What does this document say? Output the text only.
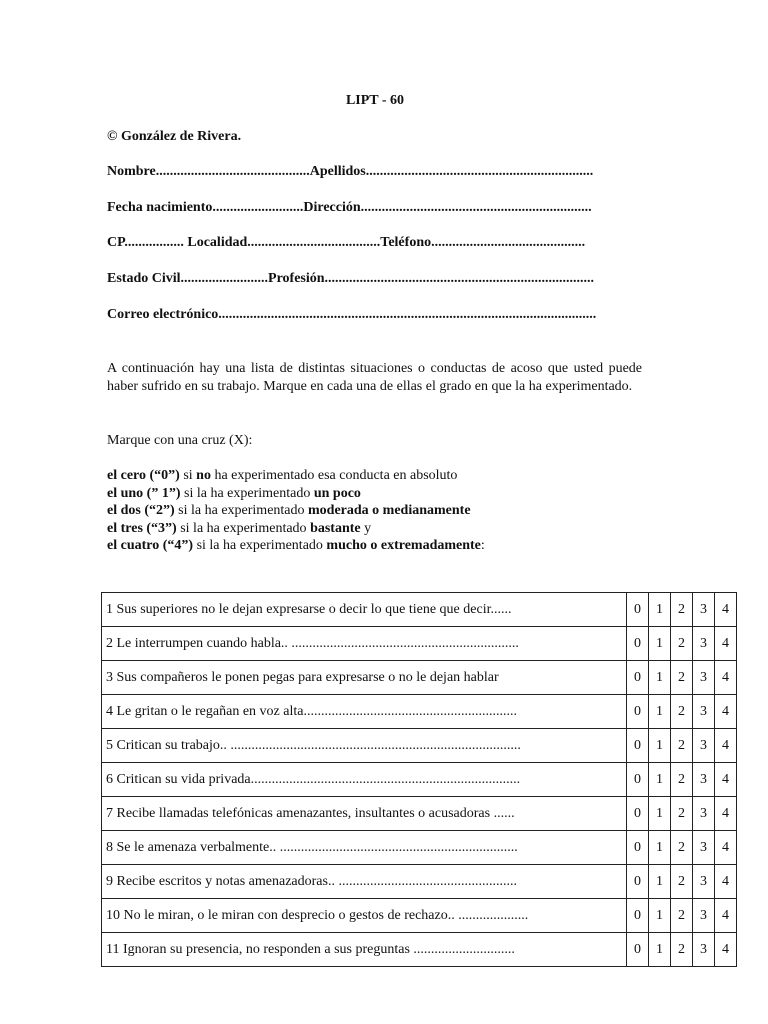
LIPT - 60
© González de Rivera.
Nombre............................................Apellidos.................................................................
Fecha nacimiento..........................Dirección..................................................................
CP................. Localidad......................................Teléfono............................................
Estado Civil.........................Profesión.............................................................................
Correo electrónico............................................................................................................
A continuación hay una lista de distintas situaciones o conductas de acoso que usted puede haber sufrido en su trabajo. Marque en cada una de ellas el grado en que la ha experimentado.
Marque con una cruz (X):
el cero (“0”) si no ha experimentado esa conducta en absoluto
el uno (” 1”) si la ha experimentado un poco
el dos (“2”) si la ha experimentado moderada o medianamente
el tres (“3”) si la ha experimentado bastante y
el cuatro (“4”) si la ha experimentado mucho o extremadamente:
1 Sus superiores no le dejan expresarse o decir lo que tiene que decir......	0	1	2	3	4
2 Le interrumpen cuando habla.. .................................................................	0	1	2	3	4
3 Sus compañeros le ponen pegas para expresarse o no le dejan hablar	0	1	2	3	4
4 Le gritan o le regañan en voz alta.............................................................	0	1	2	3	4
5 Critican su trabajo.. ...................................................................................	0	1	2	3	4
6 Critican su vida privada.............................................................................	0	1	2	3	4
7 Recibe llamadas telefónicas amenazantes, insultantes o acusadoras ......	0	1	2	3	4
8 Se le amenaza verbalmente.. ....................................................................	0	1	2	3	4
9 Recibe escritos y notas amenazadoras.. ...................................................	0	1	2	3	4
10 No le miran, o le miran con desprecio o gestos de rechazo.. ....................	0	1	2	3	4
11 Ignoran su presencia, no responden a sus preguntas .............................	0	1	2	3	4
